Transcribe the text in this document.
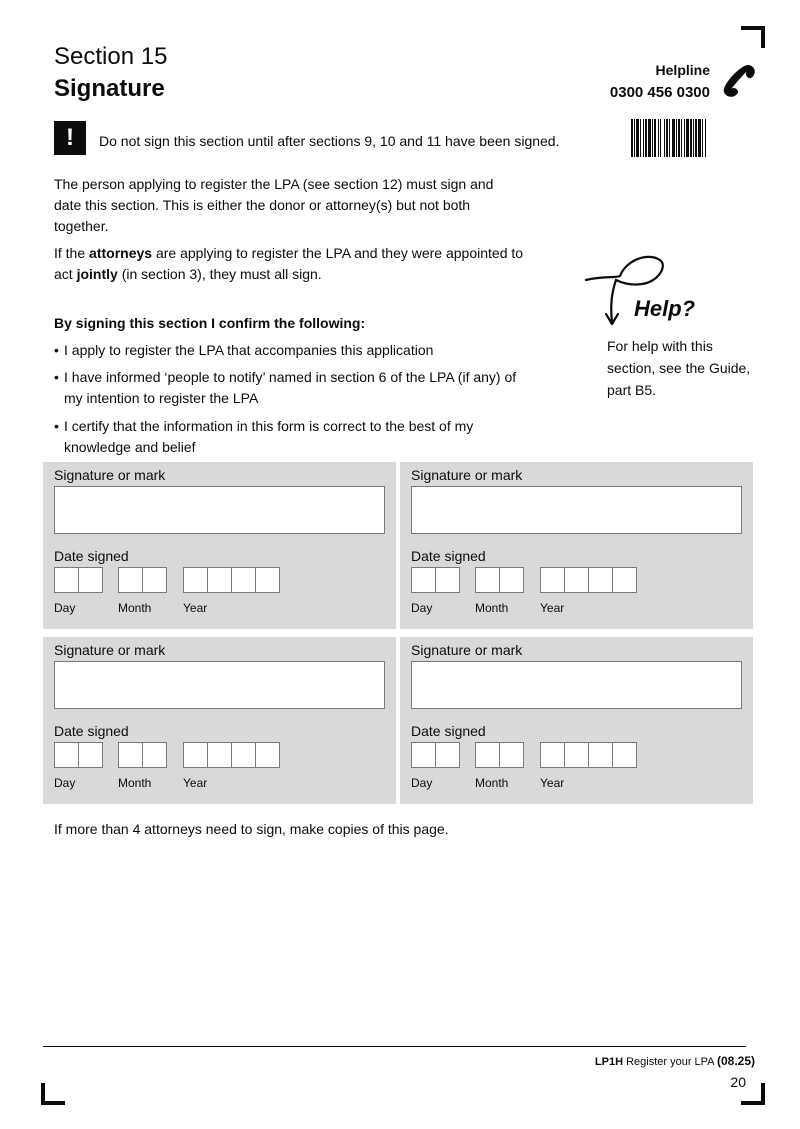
Section 15
Signature
Helpline
0300 456 0300
!	Do not sign this section until after sections 9, 10 and 11 have been signed.
The person applying to register the LPA (see section 12) must sign and date this section. This is either the donor or attorney(s) but not both together.
If the attorneys are applying to register the LPA and they were appointed to act jointly (in section 3), they must all sign.
By signing this section I confirm the following:
• I apply to register the LPA that accompanies this application
• I have informed ‘people to notify’ named in section 6 of the LPA (if any) of my intention to register the LPA
• I certify that the information in this form is correct to the best of my knowledge and belief
Help?
For help with this section, see the Guide, part B5.
Signature or mark
Date signed
Day	Month	Year
Signature or mark
Date signed
Day	Month	Year
Signature or mark
Date signed
Day	Month	Year
Signature or mark
Date signed
Day	Month	Year
If more than 4 attorneys need to sign, make copies of this page.
LP1H Register your LPA (08.25)
20
